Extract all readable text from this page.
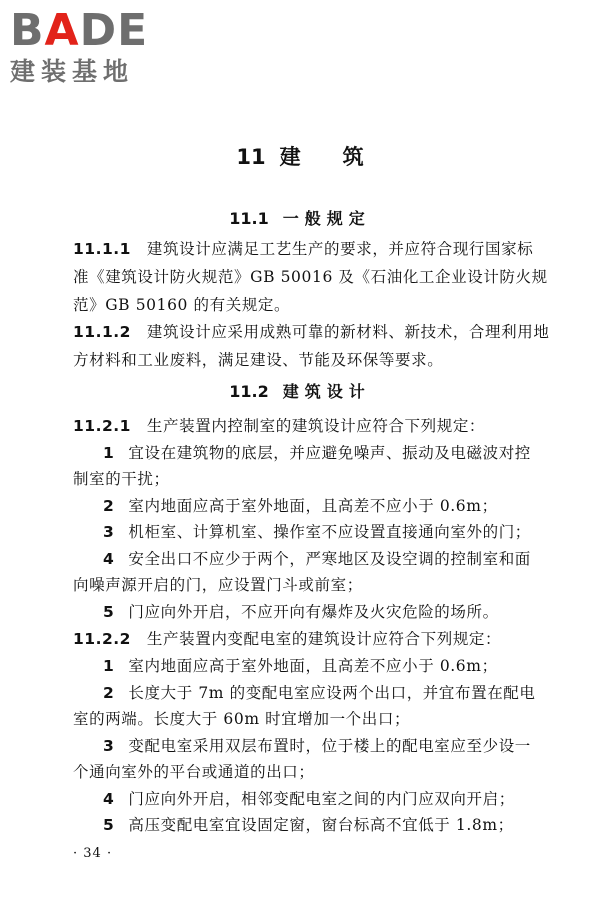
BADE
建装基地
11 建 筑
11.1 一般规定
11.1.1 建筑设计应满足工艺生产的要求，并应符合现行国家标
准《建筑设计防火规范》GB 50016 及《石油化工企业设计防火规
范》GB 50160 的有关规定。
11.1.2 建筑设计应采用成熟可靠的新材料、新技术，合理利用地
方材料和工业废料，满足建设、节能及环保等要求。
11.2 建筑设计
11.2.1 生产装置内控制室的建筑设计应符合下列规定：
1 宜设在建筑物的底层，并应避免噪声、振动及电磁波对控
制室的干扰；
2 室内地面应高于室外地面，且高差不应小于 0.6m；
3 机柜室、计算机室、操作室不应设置直接通向室外的门；
4 安全出口不应少于两个，严寒地区及设空调的控制室和面
向噪声源开启的门，应设置门斗或前室；
5 门应向外开启，不应开向有爆炸及火灾危险的场所。
11.2.2 生产装置内变配电室的建筑设计应符合下列规定：
1 室内地面应高于室外地面，且高差不应小于 0.6m；
2 长度大于 7m 的变配电室应设两个出口，并宜布置在配电
室的两端。长度大于 60m 时宜增加一个出口；
3 变配电室采用双层布置时，位于楼上的配电室应至少设一
个通向室外的平台或通道的出口；
4 门应向外开启，相邻变配电室之间的内门应双向开启；
5 高压变配电室宜设固定窗，窗台标高不宜低于 1.8m；
· 34 ·
